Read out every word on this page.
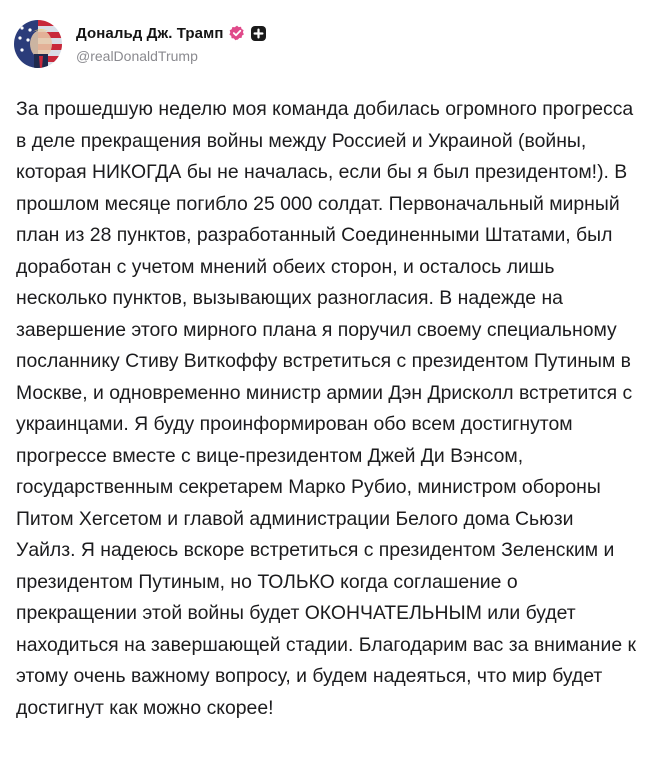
Дональд Дж. Трамп
@realDonaldTrump

За прошедшую неделю моя команда добилась огромного прогресса в деле прекращения войны между Россией и Украиной (войны, которая НИКОГДА бы не началась, если бы я был президентом!). В прошлом месяце погибло 25 000 солдат. Первоначальный мирный план из 28 пунктов, разработанный Соединенными Штатами, был доработан с учетом мнений обеих сторон, и осталось лишь несколько пунктов, вызывающих разногласия. В надежде на завершение этого мирного плана я поручил своему специальному посланнику Стиву Виткоффу встретиться с президентом Путиным в Москве, и одновременно министр армии Дэн Дрисколл встретится с украинцами. Я буду проинформирован обо всем достигнутом прогрессе вместе с вице-президентом Джей Ди Вэнсом, государственным секретарем Марко Рубио, министром обороны Питом Хегсетом и главой администрации Белого дома Сьюзи Уайлз. Я надеюсь вскоре встретиться с президентом Зеленским и президентом Путиным, но ТОЛЬКО когда соглашение о прекращении этой войны будет ОКОНЧАТЕЛЬНЫМ или будет находиться на завершающей стадии. Благодарим вас за внимание к этому очень важному вопросу, и будем надеяться, что мир будет достигнут как можно скорее!
